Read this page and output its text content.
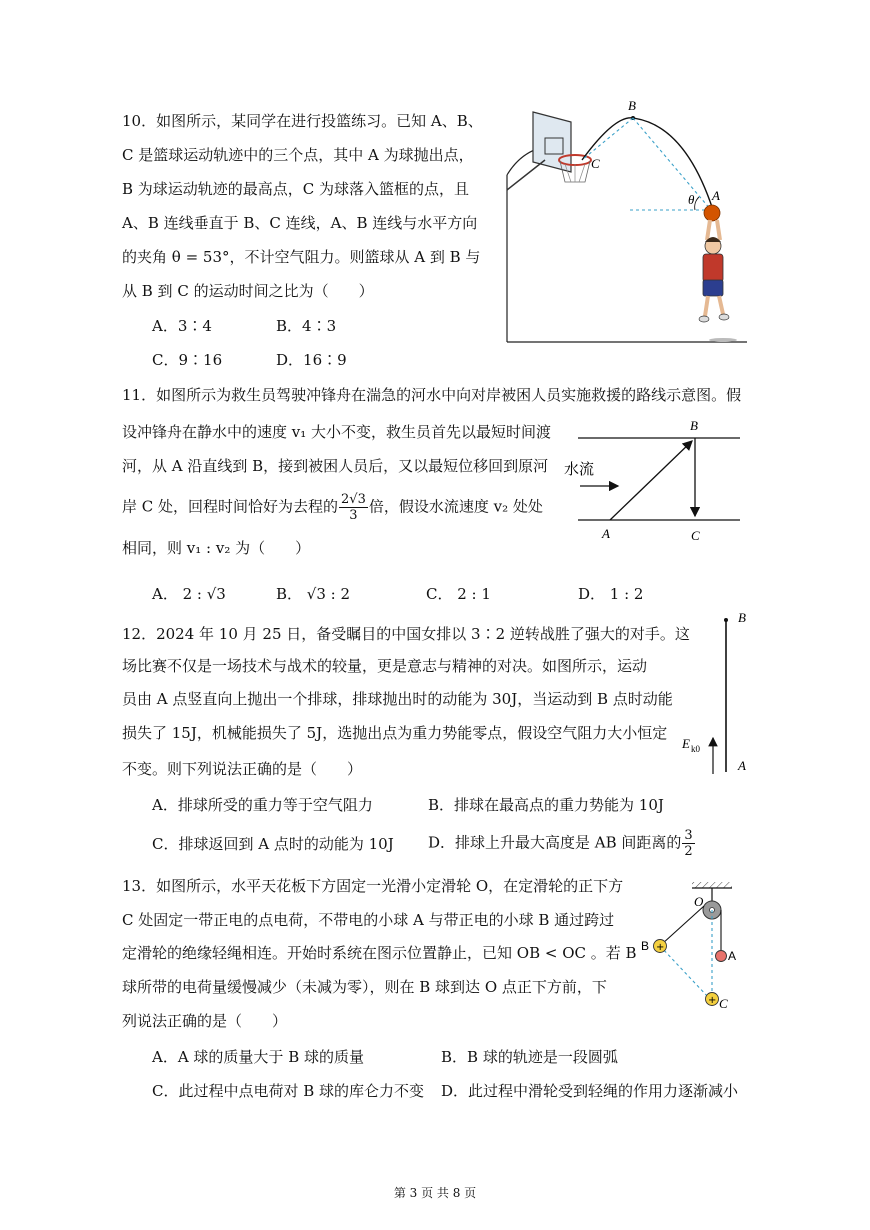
10．如图所示，某同学在进行投篮练习。已知 A、B、
C 是篮球运动轨迹中的三个点，其中 A 为球抛出点，
B 为球运动轨迹的最高点，C 为球落入篮框的点，且
A、B 连线垂直于 B、C 连线，A、B 连线与水平方向
的夹角 θ = 53°，不计空气阻力。则篮球从 A 到 B 与
从 B 到 C 的运动时间之比为（　　）
A．3∶4	B．4∶3
C．9∶16	D．16∶9
B
C
A
θ
11．如图所示为救生员驾驶冲锋舟在湍急的河水中向对岸被困人员实施救援的路线示意图。假
设冲锋舟在静水中的速度 v₁ 大小不变，救生员首先以最短时间渡
河，从 A 沿直线到 B，接到被困人员后，又以最短位移回到原河
岸 C 处，回程时间恰好为去程的 $\frac{2√3}{3}$ 倍，假设水流速度 v₂ 处处
相同，则 v₁ : v₂ 为（　　）
A． 2 : √3	B． √3 : 2	C． 2 : 1	D． 1 : 2
B
水流
A	C
12．2024 年 10 月 25 日，备受瞩目的中国女排以 3∶2 逆转战胜了强大的对手。这
场比赛不仅是一场技术与战术的较量，更是意志与精神的对决。如图所示，运动
员由 A 点竖直向上抛出一个排球，排球抛出时的动能为 30J，当运动到 B 点时动能
损失了 15J，机械能损失了 5J，选抛出点为重力势能零点，假设空气阻力大小恒定
不变。则下列说法正确的是（　　）
A．排球所受的重力等于空气阻力	B．排球在最高点的重力势能为 10J
C．排球返回到 A 点时的动能为 10J D．排球上升最大高度是 AB 间距离的 $\frac{3}{2}$
B
A
E k0
13．如图所示，水平天花板下方固定一光滑小定滑轮 O，在定滑轮的正下方
C 处固定一带正电的点电荷，不带电的小球 A 与带正电的小球 B 通过跨过
定滑轮的绝缘轻绳相连。开始时系统在图示位置静止，已知 OB < OC 。若 B
球所带的电荷量缓慢减少（未减为零），则在 B 球到达 O 点正下方前，下
列说法正确的是（　　）
A．A 球的质量大于 B 球的质量	B．B 球的轨迹是一段圆弧
C．此过程中点电荷对 B 球的库仑力不变 D．此过程中滑轮受到轻绳的作用力逐渐减小
+
+
O
B
A
C
第 3 页 共 8 页
